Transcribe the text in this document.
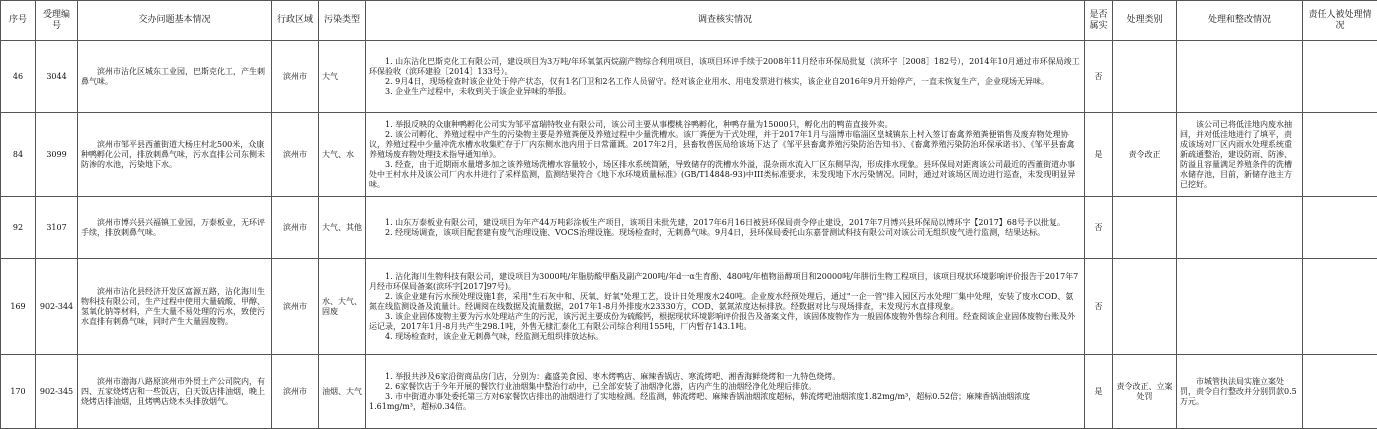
序号	受理编号	交办问题基本情况	行政区域	污染类型	调查核实情况	是否属实	处理类别	处理和整改情况	责任人被处理情况
46	3044	滨州市沾化区城东工业园，巴斯克化工，产生刺鼻气味。	滨州市	大气	1. 山东沾化巴斯克化工有限公司，建设项目为3万吨/年环氧氯丙烷副产物综合利用项目，该项目环评手续于2008年11月经市环保局批复（滨环字［2008］182号），2014年10月通过市环保局竣工环保验收（滨环建验［2014］133号）。
2. 9月4日，现场检查时该企业处于停产状态，仅有1名门卫和2名工作人员留守。经对该企业用水、用电发票进行核实，该企业自2016年9月开始停产，一直未恢复生产，企业现场无异味。
3. 企业生产过程中，未收到关于该企业异味的举报。	否			
84	3099	滨州市邹平县西董街道大杨庄村北500米，众康种鸭孵化公司，排放刺鼻气味，污水直排公司东侧未防渗的水池，污染地下水。	滨州市	大气、水	1. 举报反映的众康种鸭孵化公司实为邹平富瑞特牧业有限公司，该公司主要从事樱桃谷鸭孵化，种鸭存量为15000只，孵化出的鸭苗直接外卖。
2. 该公司孵化、养殖过程中产生的污染物主要是养殖粪便及养殖过程中少量洗槽水。该厂粪便为干式处理，并于2017年1月与淄博市临淄区皇城镇东上村入签订畜禽养殖粪便销售及废弃物处理协议，养殖过程中少量冲洗水槽水收集贮存于厂内东侧水池内用于日常灌溉。2017年2月，县畜牧兽医局给该场下达了《邹平县畜禽养殖污染防治告知书》、《畜禽养殖污染防治环保承诺书》、《邹平县畜禽养殖场废弃物处理技术指导通知单》。
3. 经查，由于近期雨水量增多加之该养殖场洗槽水容量较小，场区排水系统简陋，导致储存的洗槽水外溢，混杂雨水流入厂区东侧旱沟，形成排水现象。县环保局对距离该公司最近的西董街道办事处中王村水井及该公司厂内水井进行了采样监测，监测结果符合《地下水环境质量标准》(GB/T14848-93)中III类标准要求，未发现地下水污染情况。同时，通过对该场区周边进行巡查，未发现明显异味。	是	责令改正	该公司已将低洼地内废水抽回，并对低洼地进行了填平，责成该场对厂区内雨水处理系统重新疏通整治，建设防雨、防渗、防溢且容量满足养殖条件的洗槽水储存池，目前，新储存池主方已挖好。	
92	3107	滨州市博兴县兴福镇工业园，万泰板业，无环评手续，排放刺鼻气味。	滨州市	大气、其他	1. 山东万泰板业有限公司，建设项目为年产44万吨彩涂板生产项目，该项目未批先建，2017年6月16日被县环保局责令停止建设，2017年7月博兴县环保局以博环字【2017】68号予以批复。
2. 经现场调查，该项目配套建有废气治理设施、VOCS治理设施。现场检查时，无刺鼻气味。9月4日，县环保局委托山东嘉誉测试科技有限公司对该公司无组织废气进行监测，结果达标。	否			
169	902-344	滨州市沾化县经济开发区富源五路，沾化海川生物科技有限公司，生产过程中使用大量硫酸、甲醇、氢氧化钠等材料，产生大量不易处理的污水，致使污水直排有刺鼻气味，同时产生大量固废物。	滨州市	水、大气、固废	1. 沾化海川生物科技有限公司，建设项目为3000吨/年脂肪酸甲酯及副产200吨/年d一α生育酚、480吨/年植物甾醇项目和20000吨/年肼衍生物工程项目，该项目现状环境影响评价报告于2017年7月经市环保局备案(滨环字[2017]97号)。
2. 该企业建有污水预处理设施1套，采用"生石灰中和、厌氧、好氧"处理工艺，设计日处理废水240吨。企业废水经预处理后，通过"一企一管"排入园区污水处理厂集中处理，安装了废水COD、氨氮在线监测设备及流量计。经调阅在线数据及流量数据，2017年1-8月外排废水23330方，COD、氨氮浓度达标排放。经数据对比与现场排查，未发现污水直排现象。
3. 该企业固体废物主要为污水处理站产生的污泥，该污泥主要成份为硫酸钙，根据现状环境影响评价报告及备案文件，该固体废物作为一般固体废物外售综合利用。经查阅该企业固体废物台账及外运记录，2017年1月-8月共产生298.1吨，外售无棣汇泰化工有限公司综合利用155吨，厂内暂存143.1吨。
4. 现场检查时，该企业无刺鼻气味，经监测无组织排放达标。	否			
170	902-345	滨州市渤海八路原滨州市外贸土产公司院内，有四、五家烧烤店和一些饭店，白天饭店排油烟，晚上烧烤店排油烟，且烤鸭店烧木头排放烟气。	滨州市	油烟、大气	1. 举报共涉及6家沿街商品房门店，分别为：鑫盛美食园、枣木烤鸭店、麻辣香锅店、寒流烤吧、湘香海鲜烧烤和一九特色烧烤。
2. 6家餐饮店于今年开展的餐饮行业油烟集中整治行动中，已全部安装了油烟净化器，店内产生的油烟经净化处理后排放。
3. 市中街道办事处委托第三方对6家餐饮店排出的油烟进行了实地检测。经监测，韩流烤吧、麻辣香锅油烟浓度超标，韩流烤吧油烟浓度1.82mg/m³，超标0.52倍；麻辣香锅油烟浓度1.61mg/m³，超标0.34倍。	是	责令改正、立案处罚	市城管执法局实施立案处罚，责令自行整改并分别罚款0.5万元。	
